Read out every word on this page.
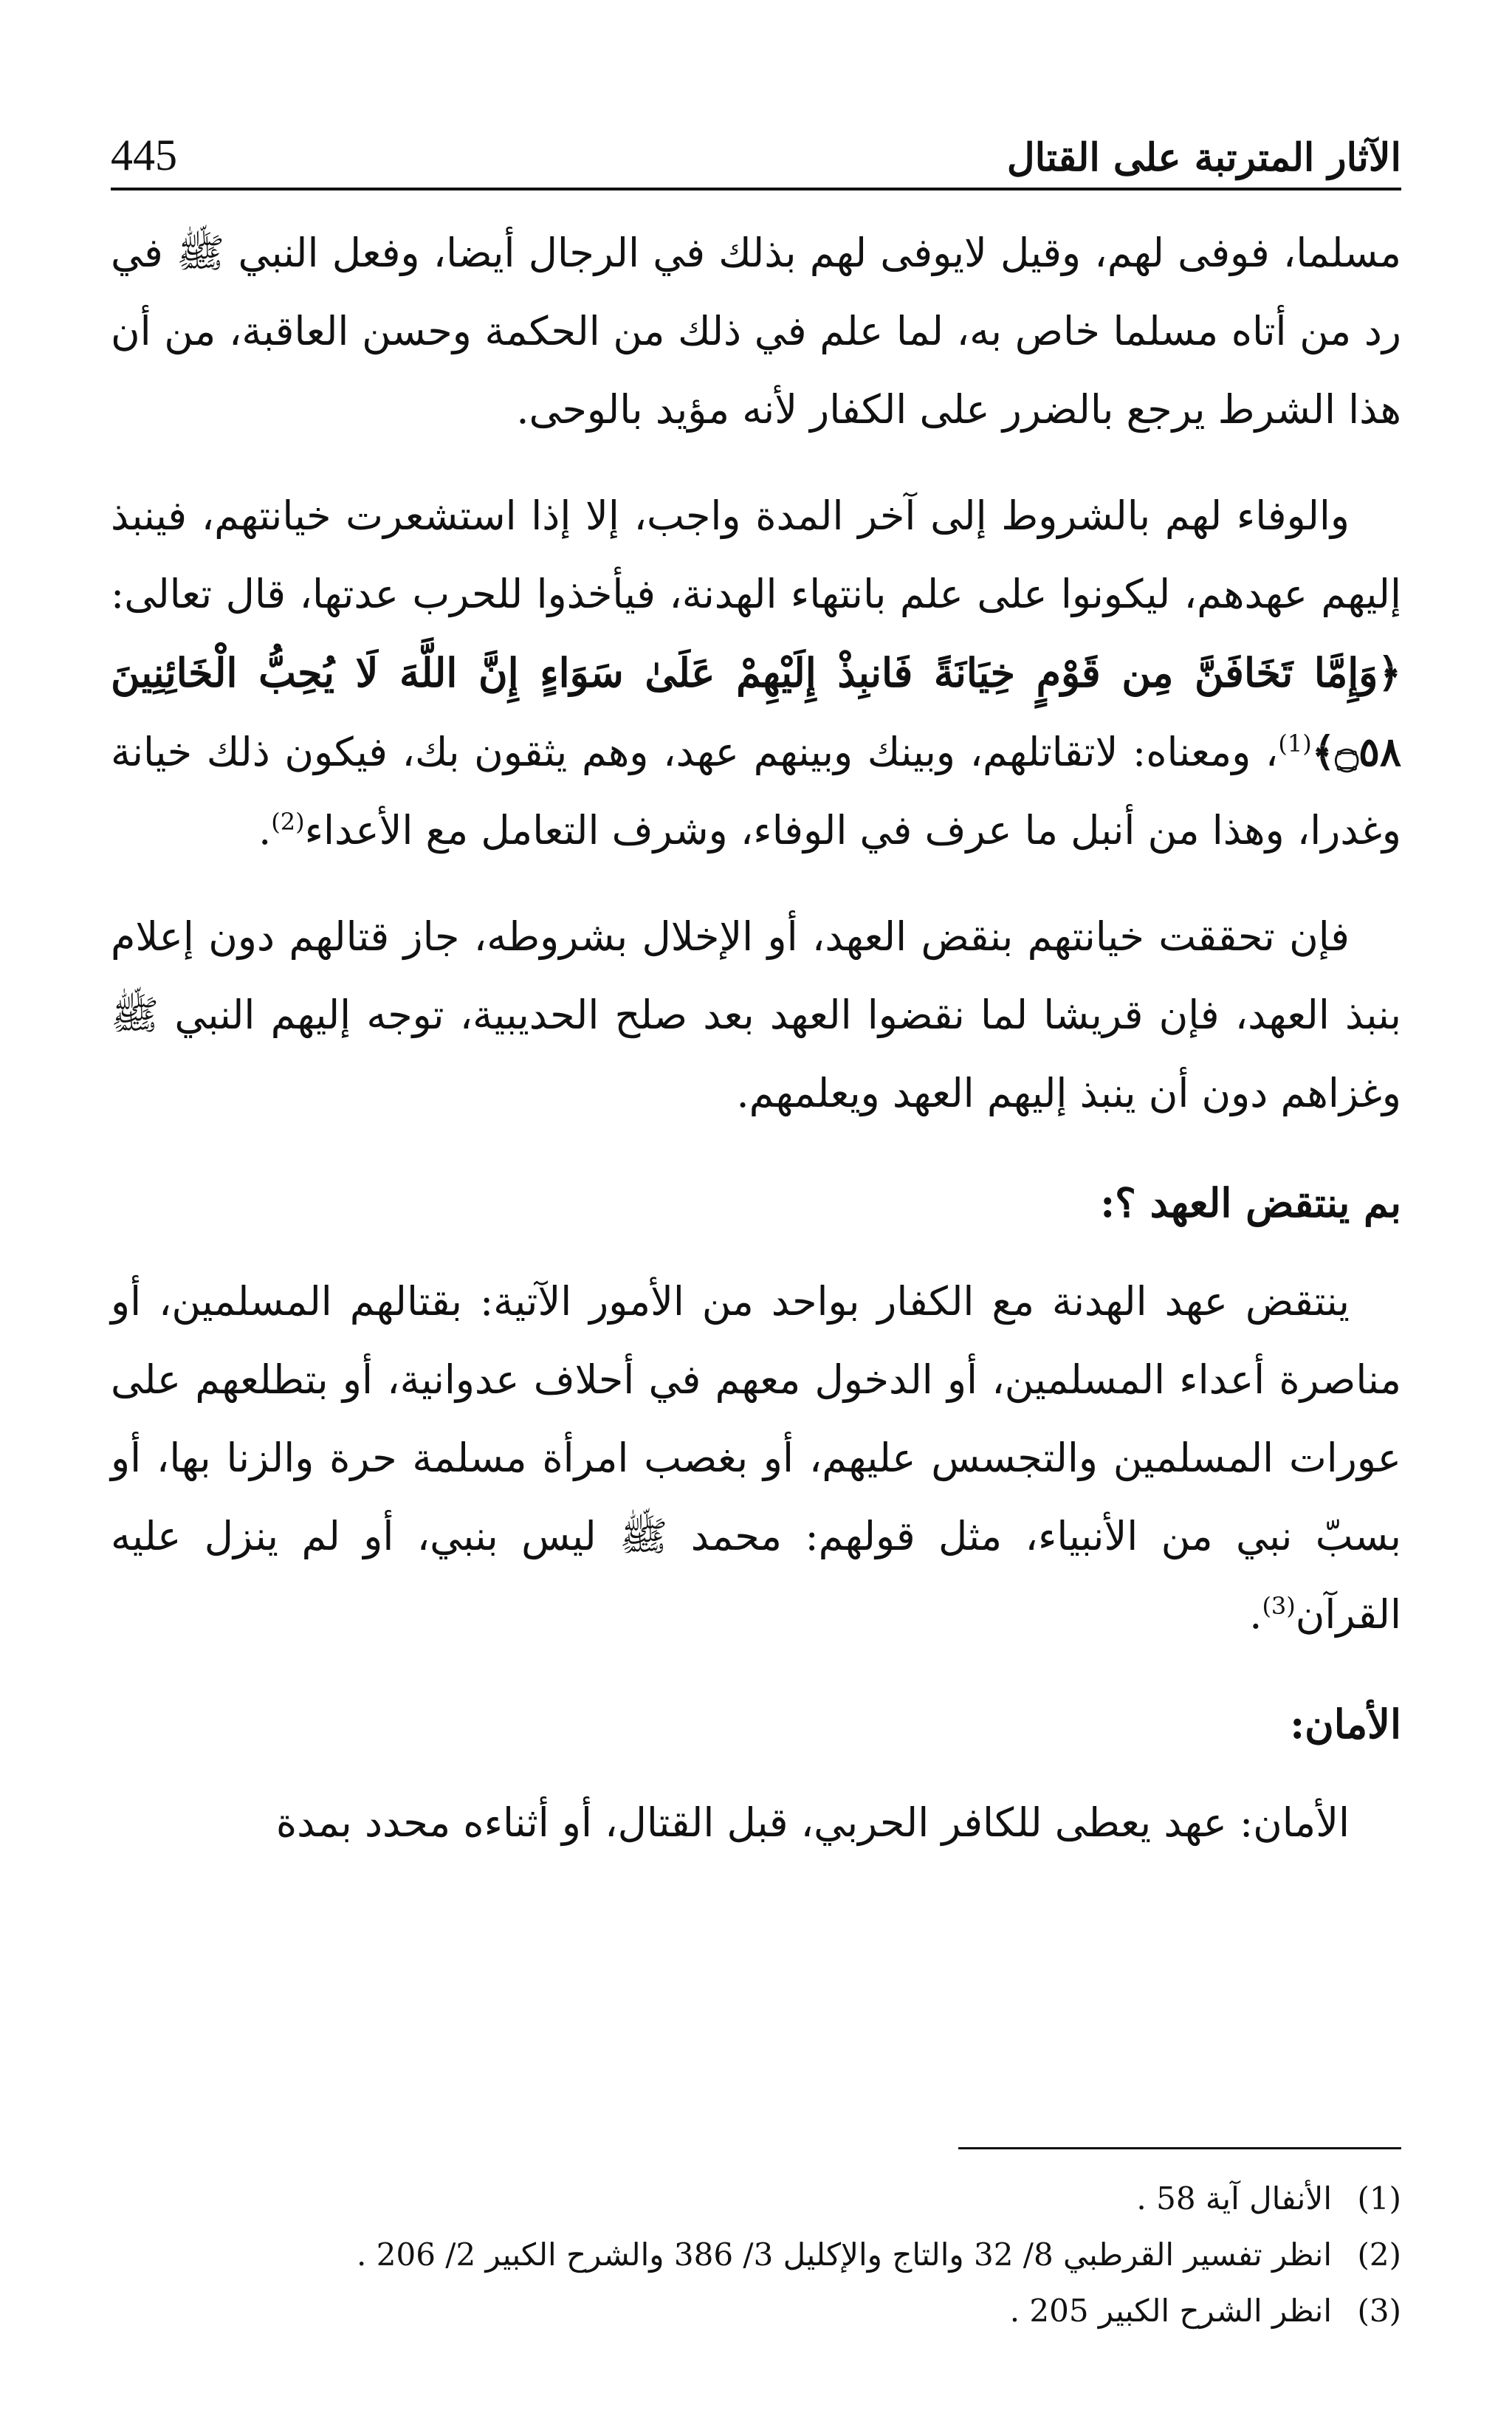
445	الآثار المترتبة على القتال

مسلما، فوفى لهم، وقيل لايوفى لهم بذلك في الرجال أيضا، وفعل النبي ﷺ في رد من أتاه مسلما خاص به، لما علم في ذلك من الحكمة وحسن العاقبة، من أن هذا الشرط يرجع بالضرر على الكفار لأنه مؤيد بالوحى.

والوفاء لهم بالشروط إلى آخر المدة واجب، إلا إذا استشعرت خيانتهم، فينبذ إليهم عهدهم، ليكونوا على علم بانتهاء الهدنة، فيأخذوا للحرب عدتها، قال تعالى: ﴿وَإِمَّا تَخَافَنَّ مِن قَوْمٍ خِيَانَةً فَانبِذْ إِلَيْهِمْ عَلَىٰ سَوَاءٍ إِنَّ اللَّهَ لَا يُحِبُّ الْخَائِنِينَ ۝٥٨﴾$^{(1)}$، ومعناه: لاتقاتلهم، وبينك وبينهم عهد، وهم يثقون بك، فيكون ذلك خيانة وغدرا، وهذا من أنبل ما عرف في الوفاء، وشرف التعامل مع الأعداء$^{(2)}$.

فإن تحققت خيانتهم بنقض العهد، أو الإخلال بشروطه، جاز قتالهم دون إعلام بنبذ العهد، فإن قريشا لما نقضوا العهد بعد صلح الحديبية، توجه إليهم النبي ﷺ وغزاهم دون أن ينبذ إليهم العهد ويعلمهم.

بم ينتقض العهد ؟:

ينتقض عهد الهدنة مع الكفار بواحد من الأمور الآتية: بقتالهم المسلمين، أو مناصرة أعداء المسلمين، أو الدخول معهم في أحلاف عدوانية، أو بتطلعهم على عورات المسلمين والتجسس عليهم، أو بغصب امرأة مسلمة حرة والزنا بها، أو بسبّ نبي من الأنبياء، مثل قولهم: محمد ﷺ ليس بنبي، أو لم ينزل عليه القرآن$^{(3)}$.

الأمان:

الأمان: عهد يعطى للكافر الحربي، قبل القتال، أو أثناءه محدد بمدة

(1)
الأنفال آية 58 .
(2)
انظر تفسير القرطبي 8/ 32 والتاج والإكليل 3/ 386 والشرح الكبير 2/ 206 .
(3)
انظر الشرح الكبير 205 .
